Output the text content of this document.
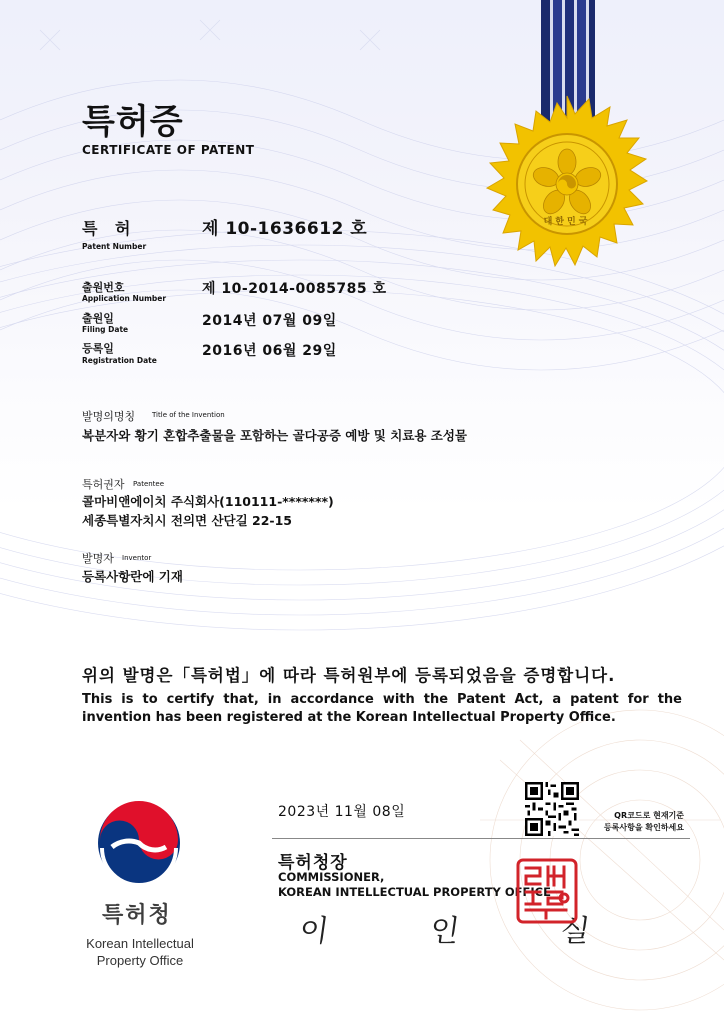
대한민국
특허증
CERTIFICATE OF PATENT
특 허
Patent Number
제 10-1636612 호
출원번호
Application Number
제 10-2014-0085785 호
출원일
Filing Date
2014년 07월 09일
등록일
Registration Date
2016년 06월 29일
발명의명칭 Title of the Invention
복분자와 황기 혼합추출물을 포함하는 골다공증 예방 및 치료용 조성물
특허권자 Patentee
콜마비앤에이치 주식회사(110111-*******)
세종특별자치시 전의면 산단길 22-15
발명자 Inventor
등록사항란에 기재
위의 발명은「특허법」에 따라 특허원부에 등록되었음을 증명합니다.
This is to certify that, in accordance with the Patent Act, a patent for the invention has been registered at the Korean Intellectual Property Office.
2023년 11월 08일	QR코드로 현재기준
등록사항을 확인하세요
특허청장
COMMISSIONER,
KOREAN INTELLECTUAL PROPERTY OFFICE
이 인 실
특허청
Korean Intellectual
Property Office
